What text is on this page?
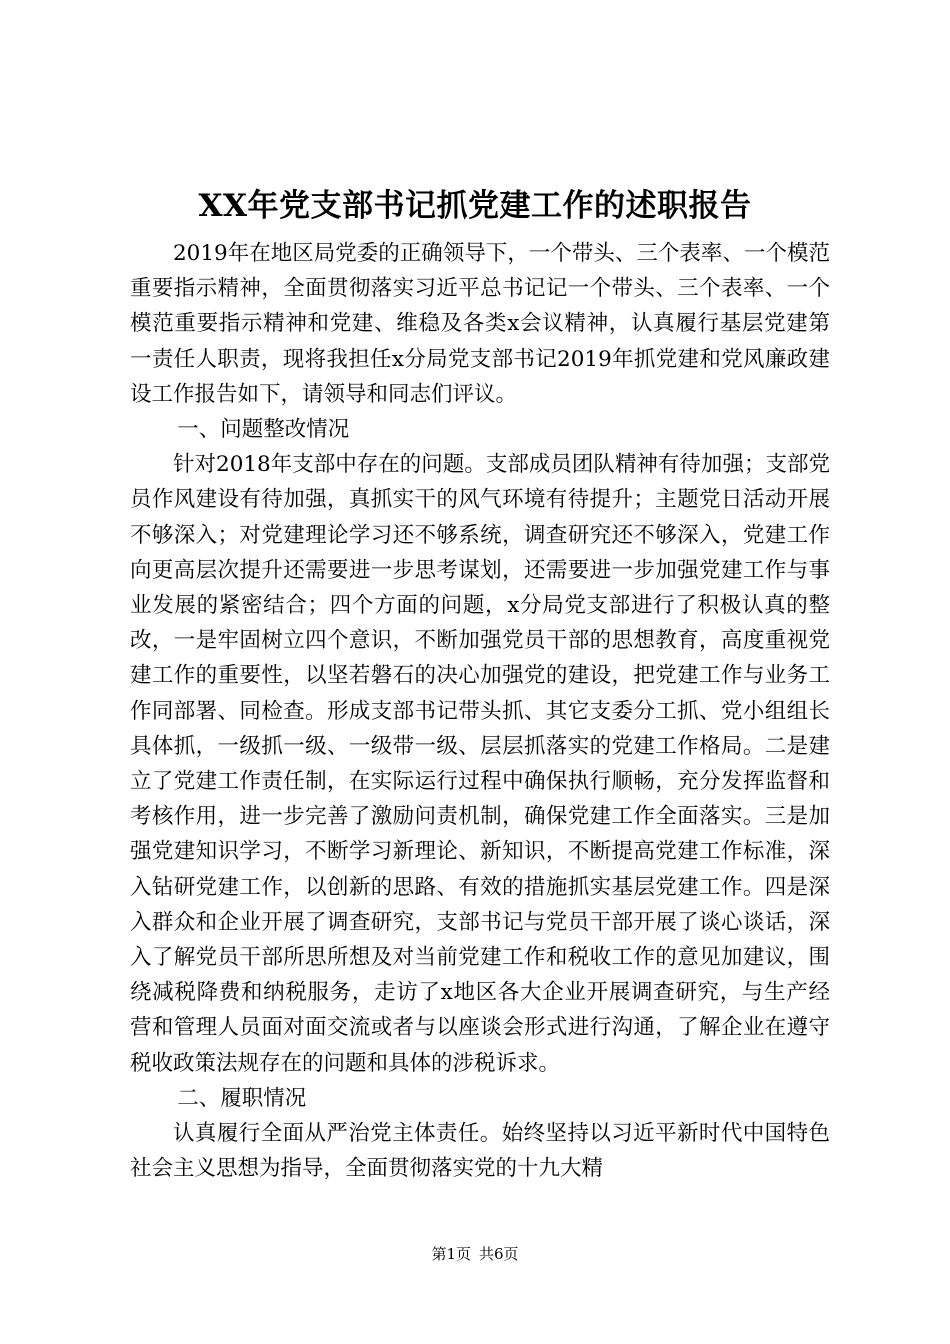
XX年党支部书记抓党建工作的述职报告

2019年在地区局党委的正确领导下，一个带头、三个表率、一个模范重要指示精神，全面贯彻落实习近平总书记记一个带头、三个表率、一个模范重要指示精神和党建、维稳及各类x会议精神，认真履行基层党建第一责任人职责，现将我担任x分局党支部书记2019年抓党建和党风廉政建设工作报告如下，请领导和同志们评议。

一、问题整改情况

针对2018年支部中存在的问题。支部成员团队精神有待加强；支部党员作风建设有待加强，真抓实干的风气环境有待提升；主题党日活动开展不够深入；对党建理论学习还不够系统，调查研究还不够深入，党建工作向更高层次提升还需要进一步思考谋划，还需要进一步加强党建工作与事业发展的紧密结合；四个方面的问题，x分局党支部进行了积极认真的整改，一是牢固树立四个意识，不断加强党员干部的思想教育，高度重视党建工作的重要性，以坚若磐石的决心加强党的建设，把党建工作与业务工作同部署、同检查。形成支部书记带头抓、其它支委分工抓、党小组组长具体抓，一级抓一级、一级带一级、层层抓落实的党建工作格局。二是建立了党建工作责任制，在实际运行过程中确保执行顺畅，充分发挥监督和考核作用，进一步完善了激励问责机制，确保党建工作全面落实。三是加强党建知识学习，不断学习新理论、新知识，不断提高党建工作标准，深入钻研党建工作，以创新的思路、有效的措施抓实基层党建工作。四是深入群众和企业开展了调查研究，支部书记与党员干部开展了谈心谈话，深入了解党员干部所思所想及对当前党建工作和税收工作的意见加建议，围绕减税降费和纳税服务，走访了x地区各大企业开展调查研究，与生产经营和管理人员面对面交流或者与以座谈会形式进行沟通，了解企业在遵守税收政策法规存在的问题和具体的涉税诉求。

二、履职情况

认真履行全面从严治党主体责任。始终坚持以习近平新时代中国特色社会主义思想为指导，全面贯彻落实党的十九大精

第1页 共6页
